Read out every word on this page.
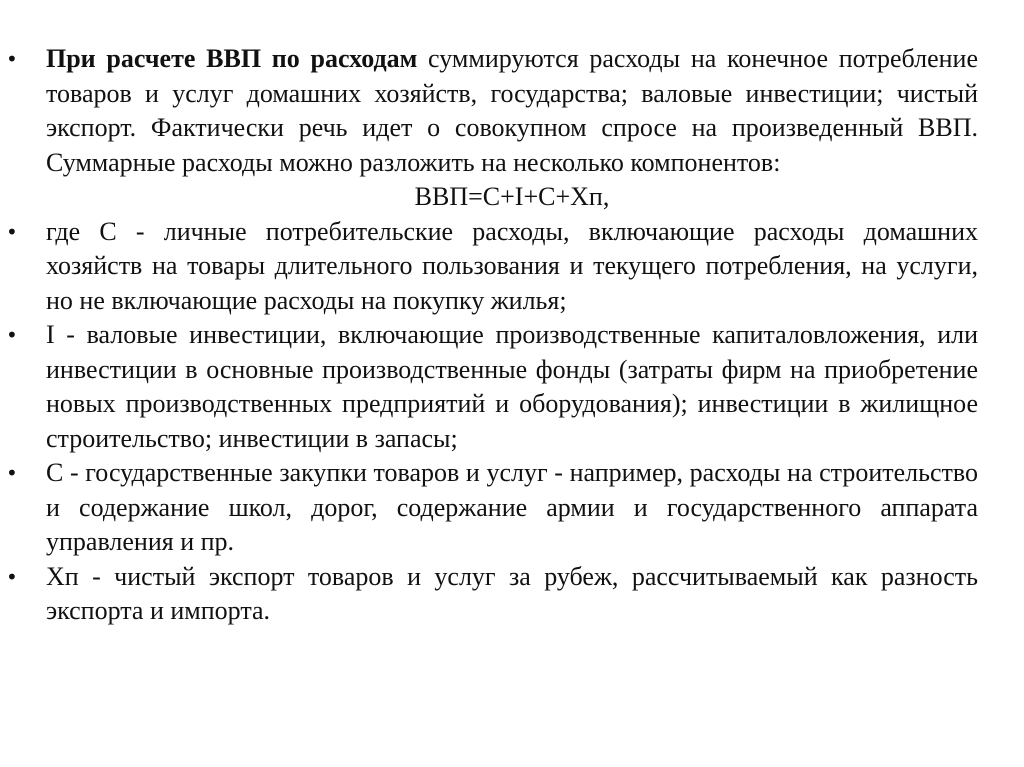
•	При расчете ВВП по расходам суммируются расходы на конечное потребление товаров и услуг домашних хозяйств, государства; валовые инвестиции; чистый экспорт. Фактически речь идет о совокупном спросе на произведенный ВВП. Суммарные расходы можно разложить на несколько компонентов:
ВВП=С+I+С+Хп,
•	где С - личные потребительские расходы, включающие расходы домашних хозяйств на товары длительного пользования и текущего потребления, на услуги, но не включающие расходы на покупку жилья;
•	I - валовые инвестиции, включающие производственные капиталовложения, или инвестиции в основные производственные фонды (затраты фирм на приобретение новых производственных предприятий и оборудования); инвестиции в жилищное строительство; инвестиции в запасы;
•	С - государственные закупки товаров и услуг - например, расходы на строительство и содержание школ, дорог, содержание армии и государственного аппарата управления и пр.
•	Хп - чистый экспорт товаров и услуг за рубеж, рассчитываемый как разность экспорта и импорта.
